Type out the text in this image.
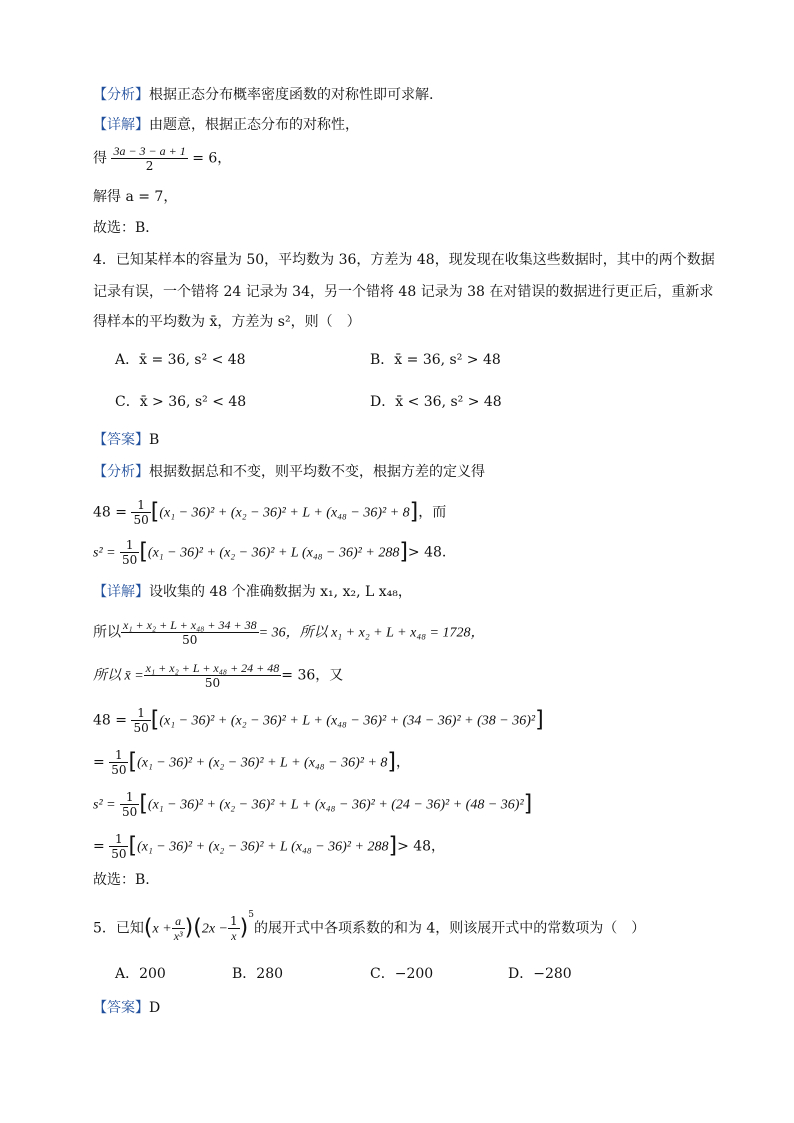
【分析】根据正态分布概率密度函数的对称性即可求解.
【详解】由题意，根据正态分布的对称性，
得 $\frac{3a - 3 - a + 1}{2} = 6$，
解得 a = 7，
故选：B．
4．已知某样本的容量为 50，平均数为 36，方差为 48，现发现在收集这些数据时，其中的两个数据
记录有误，一个错将 24 记录为 34，另一个错将 48 记录为 38 在对错误的数据进行更正后，重新求
得样本的平均数为 x̄，方差为 s²，则（　）
A．x̄ = 36, s² < 48	B．x̄ = 36, s² > 48
C．x̄ > 36, s² < 48	D．x̄ < 36, s² > 48
【答案】B
【分析】根据数据总和不变，则平均数不变，根据方差的定义得
$48 = \frac{1}{50} [(x_1 - 36)^2 + (x_2 - 36)^2 + L + (x_{48} - 36)^2 + 8]$，而
$s^2 = \frac{1}{50} [(x_1 - 36)^2 + (x_2 - 36)^2 + L$ (x₄₈ − 36)² + 288]> 48.
【详解】设收集的 48 个准确数据为 x₁, x₂, L x₄₈，
所以 $\frac{\text{x₁ + x₂ + L + x₄₈ + 34 + 38}}{50} = 36$，所以 x₁ + x₂ + L + x₄₈ = 1728，
所以 x̄ = $\frac{\text{x₁ + x₂ + L + x₄₈ + 24 + 48}}{50} = 36$，又
$48 = \frac{1}{50} [(x_1 - 36)^2 + (x_2 - 36)^2 + L + (x_{48} - 36)^2 + (34 - 36)^2 + (38 - 36)^2]$
= $\frac{1}{50} [(x_1 - 36)^2 + (x_2 - 36)^2 + L + (x_{48} - 36)^2 + 8]$，
$s^2 = \frac{1}{50} [(x_1 - 36)^2 + (x_2 - 36)^2 + L + (x_{48} - 36)^2 + (24 - 36)^2 + (48 - 36)^2]$
= $\frac{1}{50} [(x_1 - 36)^2 + (x_2 - 36)^2 + L$ (x₄₈ − 36)² + 288]> 48，
故选：B.
5．已知$(x + \frac{a}{\text{x³}} )(2x - \frac{1}{x} )^5$的展开式中各项系数的和为 4，则该展开式中的常数项为（　）
A．200	B．280	C．−200	D．−280
【答案】D
